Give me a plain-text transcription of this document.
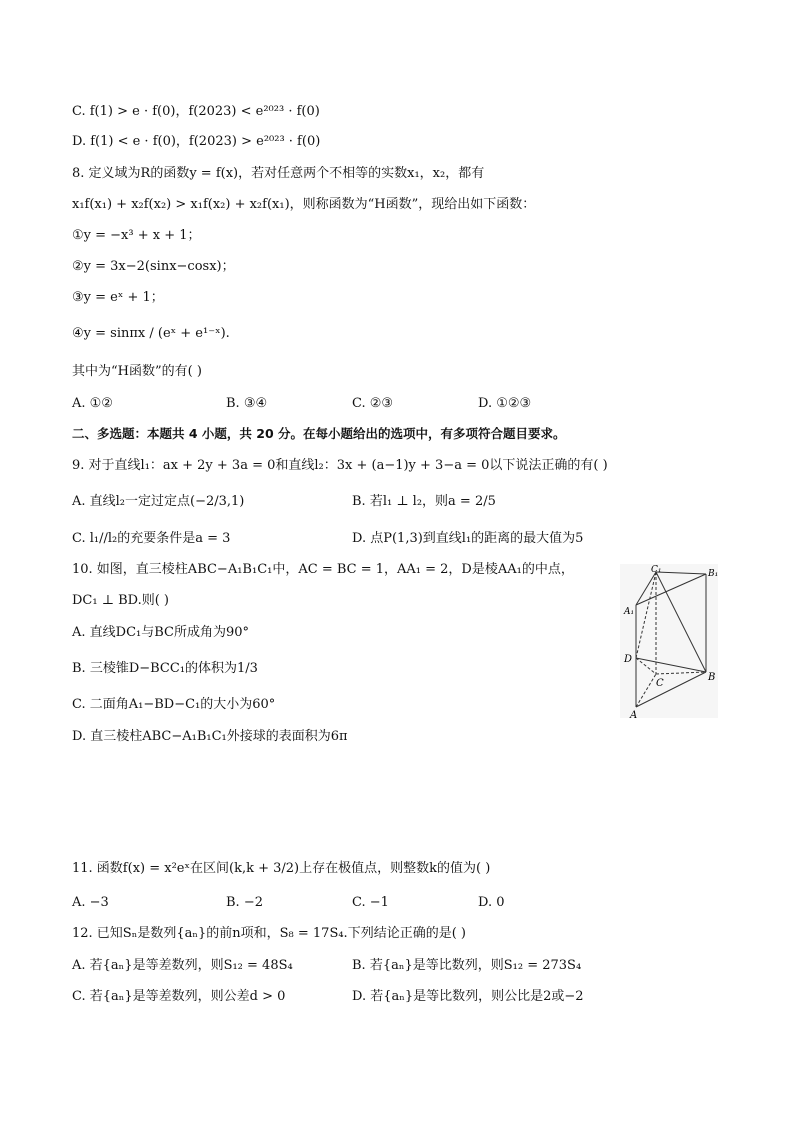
C. f(1) > e · f(0)，f(2023) < e²⁰²³ · f(0)
D. f(1) < e · f(0)，f(2023) > e²⁰²³ · f(0)
8. 定义域为R的函数y = f(x)，若对任意两个不相等的实数x₁，x₂，都有
x₁f(x₁) + x₂f(x₂) > x₁f(x₂) + x₂f(x₁)，则称函数为“H函数”，现给出如下函数：
①y = −x³ + x + 1；
②y = 3x−2(sinx−cosx)；
③y = eˣ + 1；
④y = sinπx / (eˣ + e¹⁻ˣ).
其中为“H函数”的有( )
A. ①②	B. ③④	C. ②③	D. ①②③
二、多选题：本题共 4 小题，共 20 分。在每小题给出的选项中，有多项符合题目要求。
9. 对于直线l₁：ax + 2y + 3a = 0和直线l₂：3x + (a−1)y + 3−a = 0以下说法正确的有( )
A. 直线l₂一定过定点(−2/3,1)	B. 若l₁ ⊥ l₂，则a = 2/5
C. l₁//l₂的充要条件是a = 3	D. 点P(1,3)到直线l₁的距离的最大值为5
10. 如图，直三棱柱ABC−A₁B₁C₁中，AC = BC = 1，AA₁ = 2，D是棱AA₁的中点，
DC₁ ⊥ BD.则( )
A. 直线DC₁与BC所成角为90°
B. 三棱锥D−BCC₁的体积为1/3
C. 二面角A₁−BD−C₁的大小为60°
D. 直三棱柱ABC−A₁B₁C₁外接球的表面积为6π
C₁	B₁
A₁
D
C
B
A
11. 函数f(x) = x²eˣ在区间(k,k + 3/2)上存在极值点，则整数k的值为( )
A. −3	B. −2	C. −1	D. 0
12. 已知Sₙ是数列{aₙ}的前n项和，S₈ = 17S₄.下列结论正确的是( )
A. 若{aₙ}是等差数列，则S₁₂ = 48S₄	B. 若{aₙ}是等比数列，则S₁₂ = 273S₄
C. 若{aₙ}是等差数列，则公差d > 0	D. 若{aₙ}是等比数列，则公比是2或−2
